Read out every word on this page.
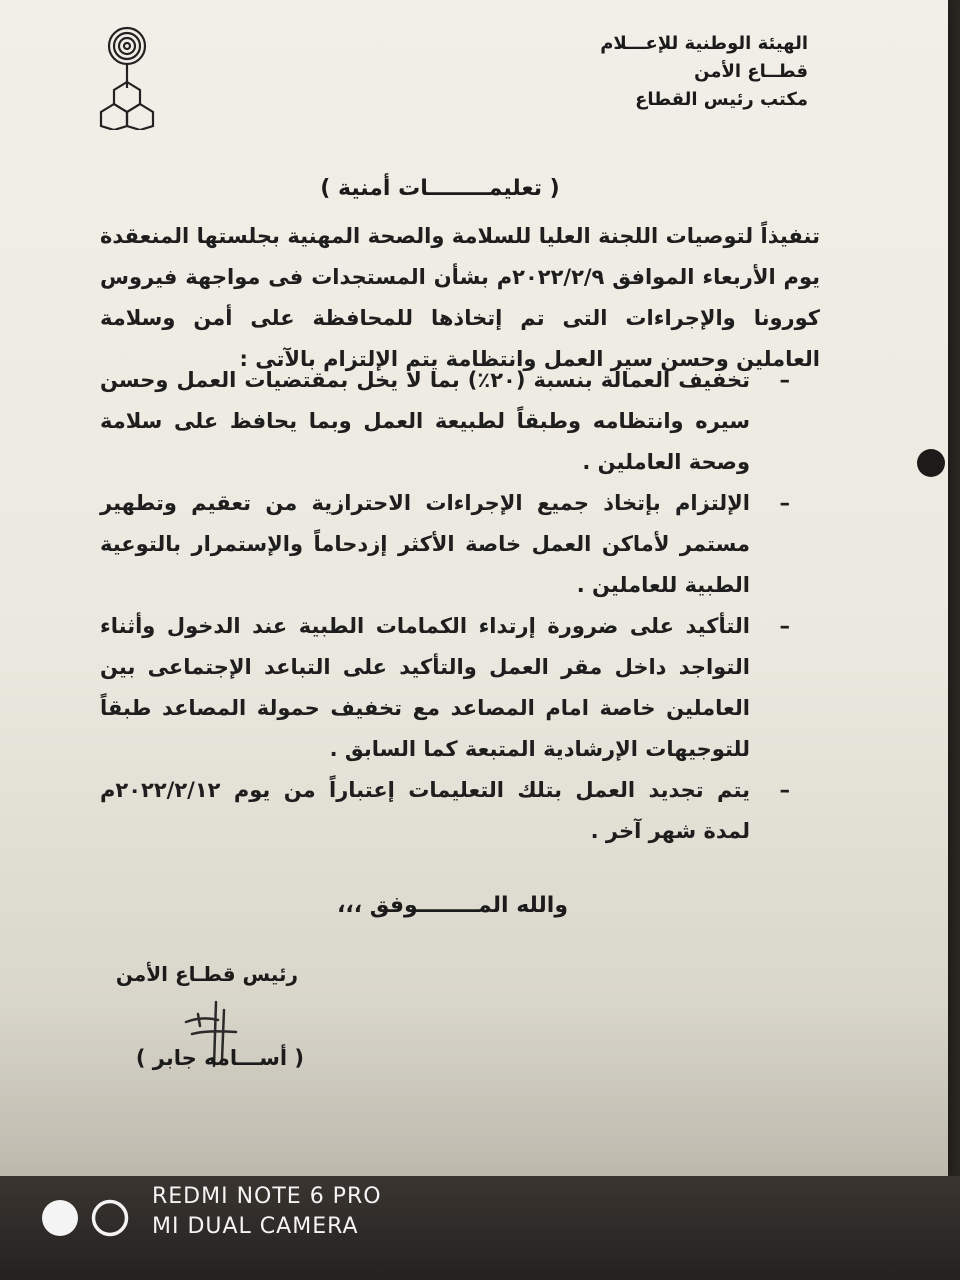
الهيئة الوطنية للإعـــلام
قطــاع الأمن
مكتب رئيس القطاع
( تعليمــــــــات أمنية )
تنفيذاً لتوصيات اللجنة العليا للسلامة والصحة المهنية بجلستها المنعقدة يوم الأربعاء الموافق ٢٠٢٢/٢/٩م بشأن المستجدات فى مواجهة فيروس كورونا والإجراءات التى تم إتخاذها للمحافظة على أمن وسلامة العاملين وحسن سير العمل وانتظامة يتم الإلتزام بالآتى :
–
تخفيف العمالة بنسبة (٢٠٪) بما لا يخل بمقتضيات العمل وحسن سيره وانتظامه وطبقاً لطبيعة العمل وبما يحافظ على سلامة وصحة العاملين .
–
الإلتزام بإتخاذ جميع الإجراءات الاحترازية من تعقيم وتطهير مستمر لأماكن العمل خاصة الأكثر إزدحاماً والإستمرار بالتوعية الطبية للعاملين .
–
التأكيد على ضرورة إرتداء الكمامات الطبية عند الدخول وأثناء التواجد داخل مقر العمل والتأكيد على التباعد الإجتماعى بين العاملين خاصة امام المصاعد مع تخفيف حمولة المصاعد طبقاً للتوجيهات الإرشادية المتبعة كما السابق .
–
يتم تجديد العمل بتلك التعليمات إعتباراً من يوم ٢٠٢٢/٢/١٢م لمدة شهر آخر .
والله المــــــــوفق ،،،
رئيس قطـاع الأمن
( أســـامه جابر )
REDMI NOTE 6 PRO
MI DUAL CAMERA
